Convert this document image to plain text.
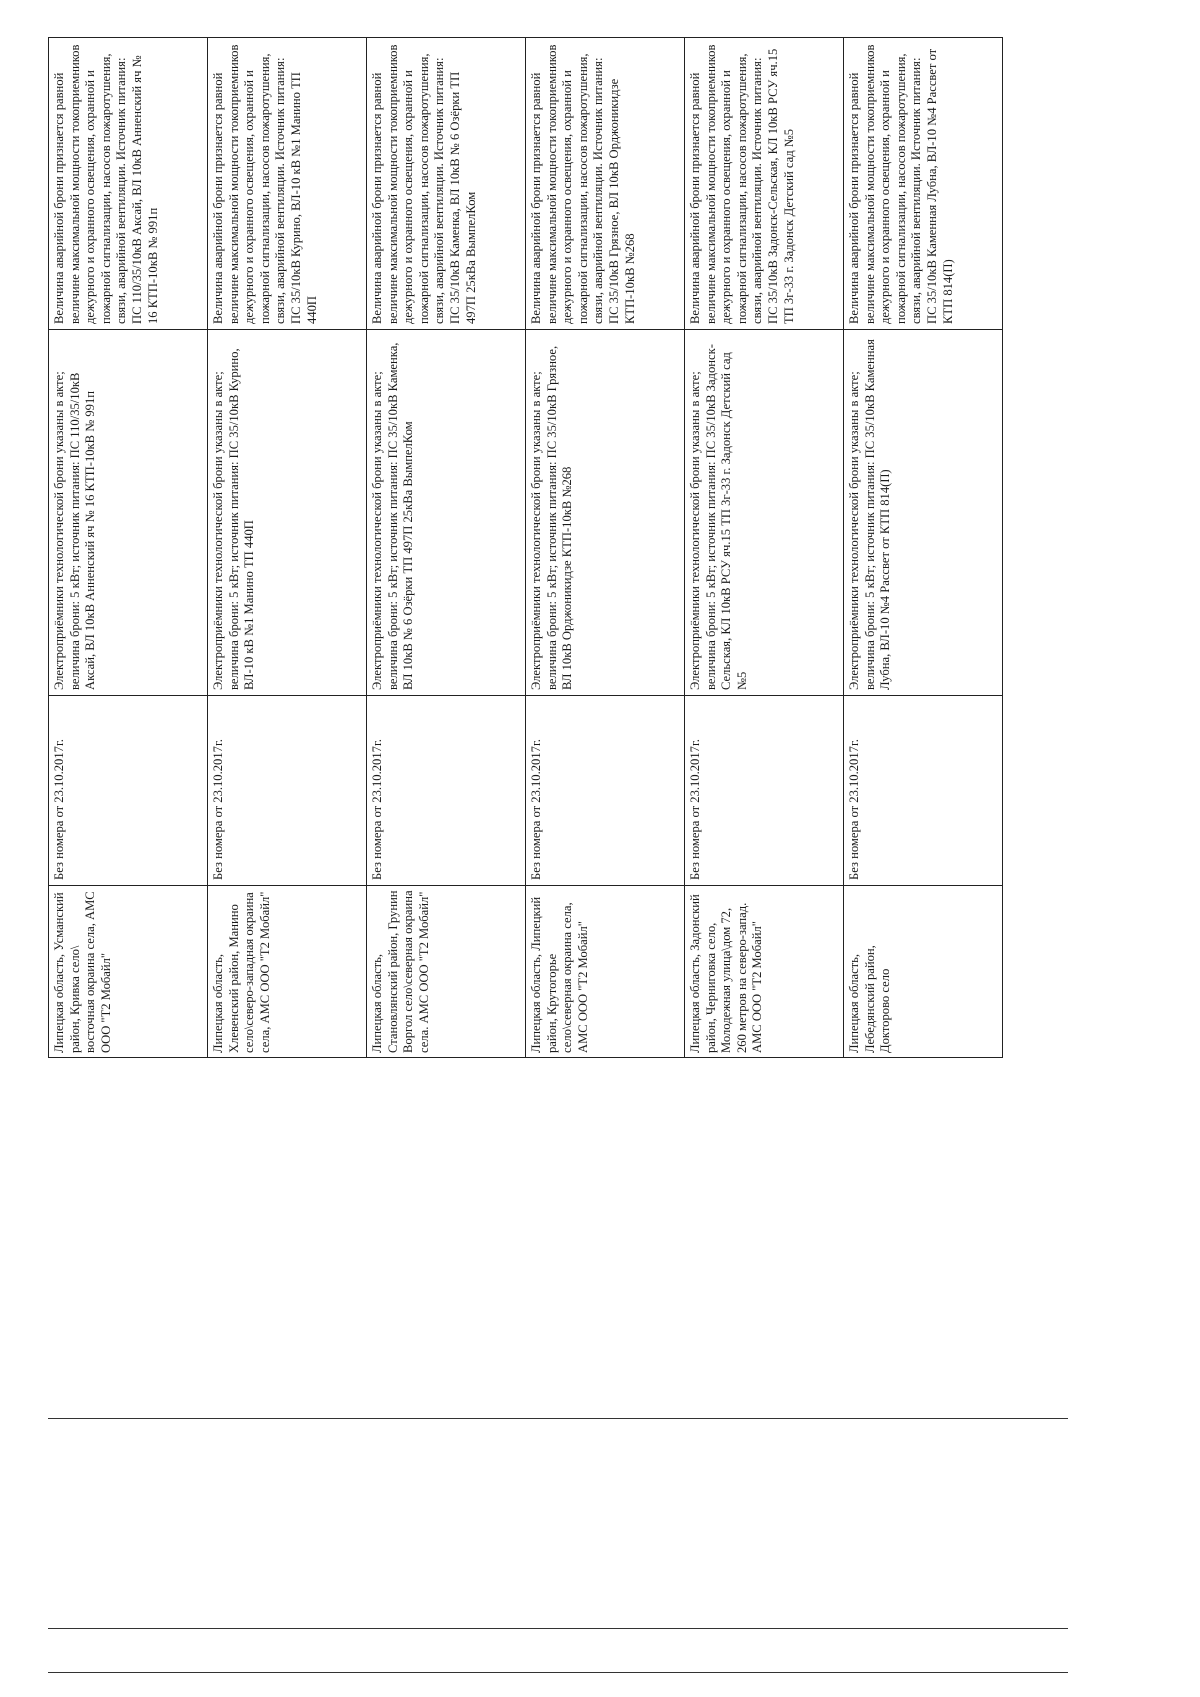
Липецкая область, Усманский район, Кривка село\ восточная окраина села, АМС ООО "Т2 Мобайл"	Без номера от 23.10.2017г.	Электроприёмники технологической брони указаны в акте; величина брони: 5 кВт; источник питания: ПС 110/35/10кВ Аксай, ВЛ 10кВ Анненский яч № 16 КТП-10кВ № 991п	Величина аварийной брони признается равной величине максимальной мощности токоприемников дежурного и охранного освещения, охранной и пожарной сигнализации, насосов пожаротушения, связи, аварийной вентиляции. Источник питания: ПС 110/35/10кВ Аксай, ВЛ 10кВ Анненский яч № 16 КТП-10кВ № 991п
Липецкая область, Хлевенский район, Манино село\северо-западная окраина села, АМС ООО "Т2 Мобайл"	Без номера от 23.10.2017г.	Электроприёмники технологической брони указаны в акте; величина брони: 5 кВт; источник питания: ПС 35/10кВ Курино, ВЛ-10 кВ №1 Манино ТП 440П	Величина аварийной брони признается равной величине максимальной мощности токоприемников дежурного и охранного освещения, охранной и пожарной сигнализации, насосов пожаротушения, связи, аварийной вентиляции. Источник питания: ПС 35/10кВ Курино, ВЛ-10 кВ №1 Манино ТП 440П
Липецкая область, Становлянский район, Грунин Воргол село\северная окраина села. АМС ООО "Т2 Мобайл"	Без номера от 23.10.2017г.	Электроприёмники технологической брони указаны в акте; величина брони: 5 кВт; источник питания: ПС 35/10кВ Каменка, ВЛ 10кВ № 6 Озёрки ТП 497П 25кВа ВымпелКом	Величина аварийной брони признается равной величине максимальной мощности токоприемников дежурного и охранного освещения, охранной и пожарной сигнализации, насосов пожаротушения, связи, аварийной вентиляции. Источник питания: ПС 35/10кВ Каменка, ВЛ 10кВ № 6 Озёрки ТП 497П 25кВа ВымпелКом
Липецкая область, Липецкий район, Крутогорье село\северная окраина села, АМС ООО "Т2 Мобайл"	Без номера от 23.10.2017г.	Электроприёмники технологической брони указаны в акте; величина брони: 5 кВт; источник питания: ПС 35/10кВ Грязное, ВЛ 10кВ Орджоникидзе КТП-10кВ №268	Величина аварийной брони признается равной величине максимальной мощности токоприемников дежурного и охранного освещения, охранной и пожарной сигнализации, насосов пожаротушения, связи, аварийной вентиляции. Источник питания: ПС 35/10кВ Грязное, ВЛ 10кВ Орджоникидзе КТП-10кВ №268
Липецкая область, Задонский район, Черниговка село, Молодежная улица\дом 72, 260 метров на северо-запад. АМС ООО "Т2 Мобайл"	Без номера от 23.10.2017г.	Электроприёмники технологической брони указаны в акте; величина брони: 5 кВт; источник питания: ПС 35/10кВ Задонск-Сельская, КЛ 10кВ РСУ яч.15 ТП 3г-33 г. Задонск Детский сад №5	Величина аварийной брони признается равной величине максимальной мощности токоприемников дежурного и охранного освещения, охранной и пожарной сигнализации, насосов пожаротушения, связи, аварийной вентиляции. Источник питания: ПС 35/10кВ Задонск-Сельская, КЛ 10кВ РСУ яч.15 ТП 3г-33 г. Задонск Детский сад №5
Липецкая область, Лебедянский район, Докторово село	Без номера от 23.10.2017г.	Электроприёмники технологической брони указаны в акте; величина брони: 5 кВт; источник питания: ПС 35/10кВ Каменная Лубна, ВЛ-10 №4 Рассвет от КТП 814(П)	Величина аварийной брони признается равной величине максимальной мощности токоприемников дежурного и охранного освещения, охранной и пожарной сигнализации, насосов пожаротушения, связи, аварийной вентиляции. Источник питания: ПС 35/10кВ Каменная Лубна, ВЛ-10 №4 Рассвет от КТП 814(П)
